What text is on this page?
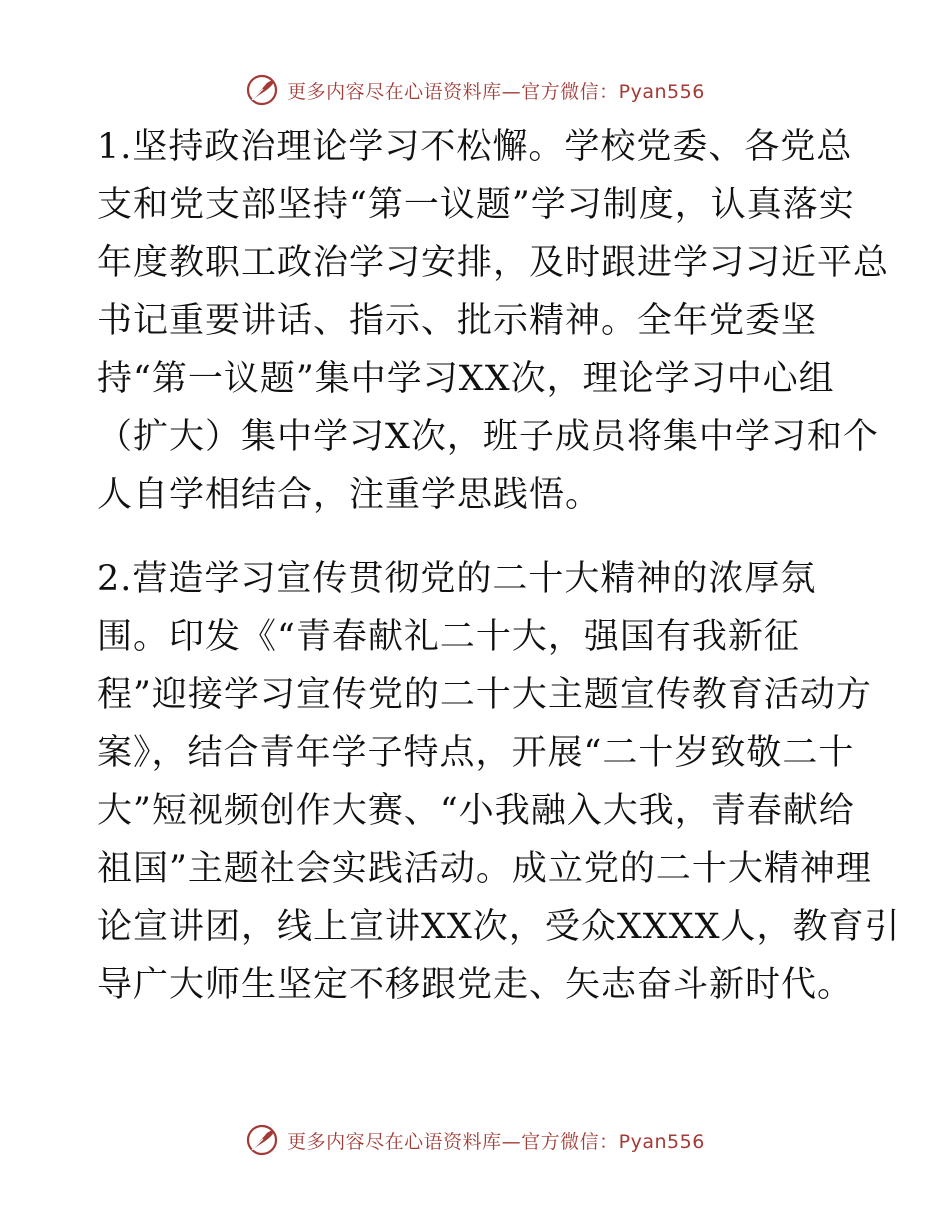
更多内容尽在心语资料库—官方微信：Pyan556

1.坚持政治理论学习不松懈。学校党委、各党总
支和党支部坚持“第一议题”学习制度，认真落实
年度教职工政治学习安排，及时跟进学习习近平总
书记重要讲话、指示、批示精神。全年党委坚
持“第一议题”集中学习XX次，理论学习中心组
（扩大）集中学习X次，班子成员将集中学习和个
人自学相结合，注重学思践悟。

2.营造学习宣传贯彻党的二十大精神的浓厚氛
围。印发《“青春献礼二十大，强国有我新征
程”迎接学习宣传党的二十大主题宣传教育活动方
案》，结合青年学子特点，开展“二十岁致敬二十
大”短视频创作大赛、“小我融入大我，青春献给
祖国”主题社会实践活动。成立党的二十大精神理
论宣讲团，线上宣讲XX次，受众XXXX人，教育引
导广大师生坚定不移跟党走、矢志奋斗新时代。

更多内容尽在心语资料库—官方微信：Pyan556
